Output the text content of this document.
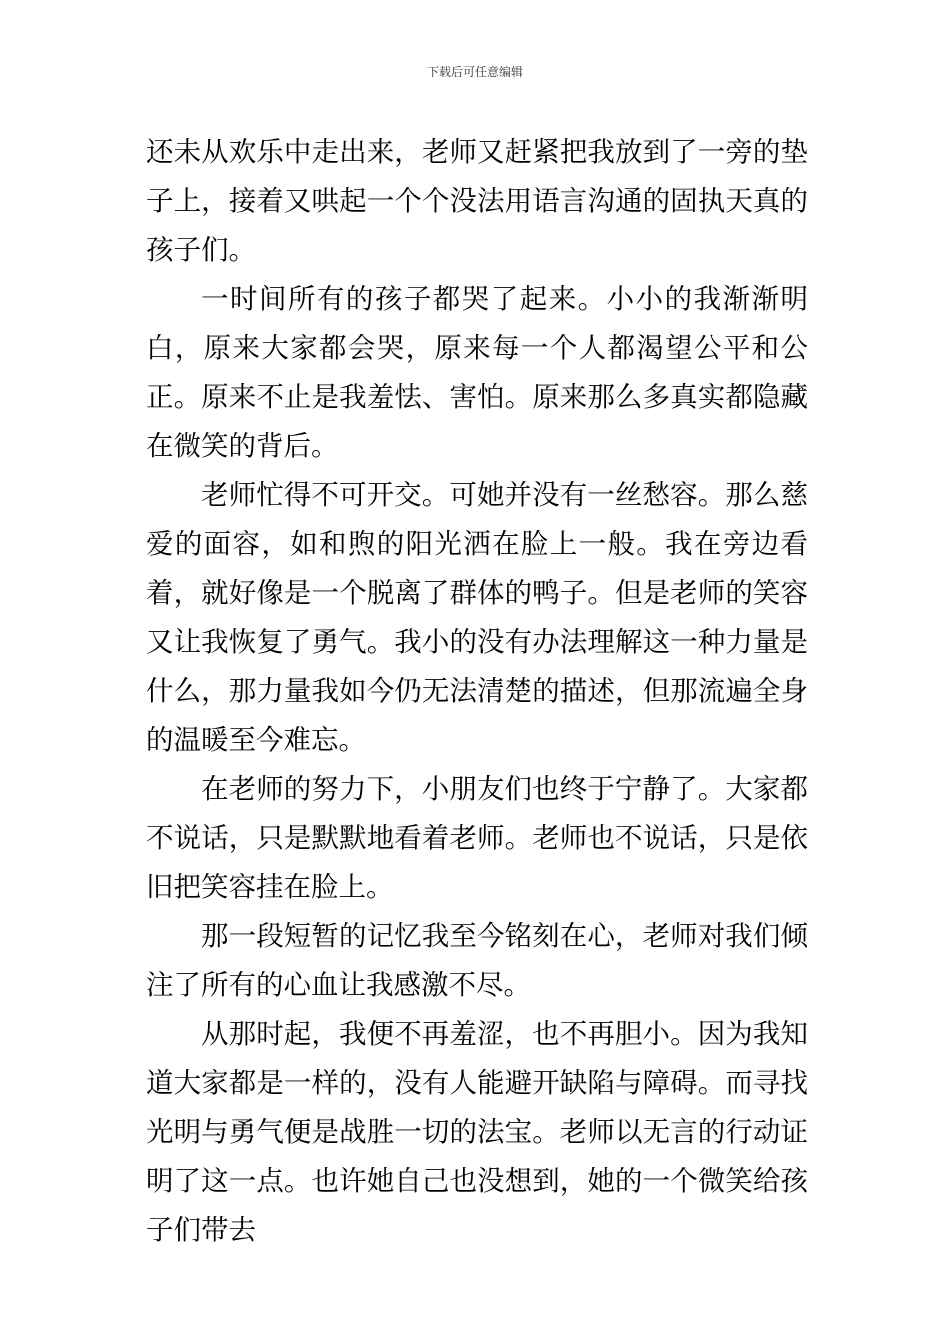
下载后可任意编辑

还未从欢乐中走出来，老师又赶紧把我放到了一旁的垫子上，接着又哄起一个个没法用语言沟通的固执天真的孩子们。

一时间所有的孩子都哭了起来。小小的我渐渐明白，原来大家都会哭，原来每一个人都渴望公平和公正。原来不止是我羞怯、害怕。原来那么多真实都隐藏在微笑的背后。

老师忙得不可开交。可她并没有一丝愁容。那么慈爱的面容，如和煦的阳光洒在脸上一般。我在旁边看着，就好像是一个脱离了群体的鸭子。但是老师的笑容又让我恢复了勇气。我小的没有办法理解这一种力量是什么，那力量我如今仍无法清楚的描述，但那流遍全身的温暖至今难忘。

在老师的努力下，小朋友们也终于宁静了。大家都不说话，只是默默地看着老师。老师也不说话，只是依旧把笑容挂在脸上。

那一段短暂的记忆我至今铭刻在心，老师对我们倾注了所有的心血让我感激不尽。

从那时起，我便不再羞涩，也不再胆小。因为我知道大家都是一样的，没有人能避开缺陷与障碍。而寻找光明与勇气便是战胜一切的法宝。老师以无言的行动证明了这一点。也许她自己也没想到，她的一个微笑给孩子们带去
